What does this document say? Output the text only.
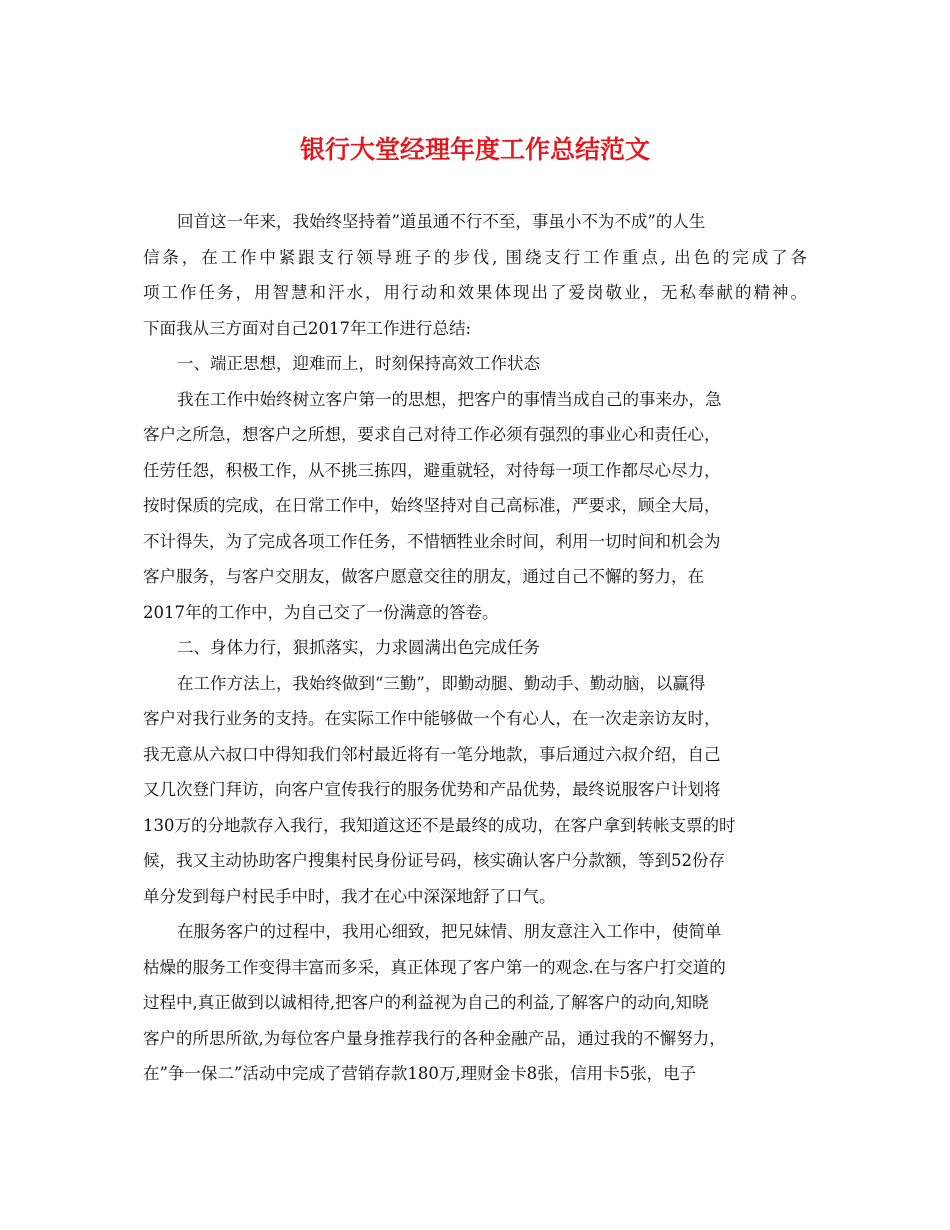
银行大堂经理年度工作总结范文
回首这一年来，我始终坚持着”道虽通不行不至，事虽小不为不成”的人生
信条，在工作中紧跟支行领导班子的步伐, 围绕支行工作重点, 出色的完成了各
项工作任务，用智慧和汗水，用行动和效果体现出了爱岗敬业，无私奉献的精神。
下面我从三方面对自己2017年工作进行总结:
一、端正思想，迎难而上，时刻保持高效工作状态
我在工作中始终树立客户第一的思想，把客户的事情当成自己的事来办，急
客户之所急，想客户之所想，要求自己对待工作必须有强烈的事业心和责任心，
任劳任怨，积极工作，从不挑三拣四，避重就轻，对待每一项工作都尽心尽力，
按时保质的完成，在日常工作中，始终坚持对自己高标准，严要求，顾全大局，
不计得失，为了完成各项工作任务，不惜牺牲业余时间，利用一切时间和机会为
客户服务，与客户交朋友，做客户愿意交往的朋友，通过自己不懈的努力，在
2017年的工作中，为自己交了一份满意的答卷。
二、身体力行，狠抓落实，力求圆满出色完成任务
在工作方法上，我始终做到“三勤”，即勤动腿、勤动手、勤动脑，以赢得
客户对我行业务的支持。在实际工作中能够做一个有心人，在一次走亲访友时，
我无意从六叔口中得知我们邻村最近将有一笔分地款，事后通过六叔介绍，自己
又几次登门拜访，向客户宣传我行的服务优势和产品优势，最终说服客户计划将
130万的分地款存入我行，我知道这还不是最终的成功，在客户拿到转帐支票的时
候，我又主动协助客户搜集村民身份证号码，核实确认客户分款额，等到52份存
单分发到每户村民手中时，我才在心中深深地舒了口气。
在服务客户的过程中，我用心细致，把兄妹情、朋友意注入工作中，使简单
枯燥的服务工作变得丰富而多采，真正体现了客户第一的观念.在与客户打交道的
过程中,真正做到以诚相待,把客户的利益视为自己的利益,了解客户的动向,知晓
客户的所思所欲,为每位客户量身推荐我行的各种金融产品，通过我的不懈努力，
在”争一保二”活动中完成了营销存款180万,理财金卡8张，信用卡5张，电子
